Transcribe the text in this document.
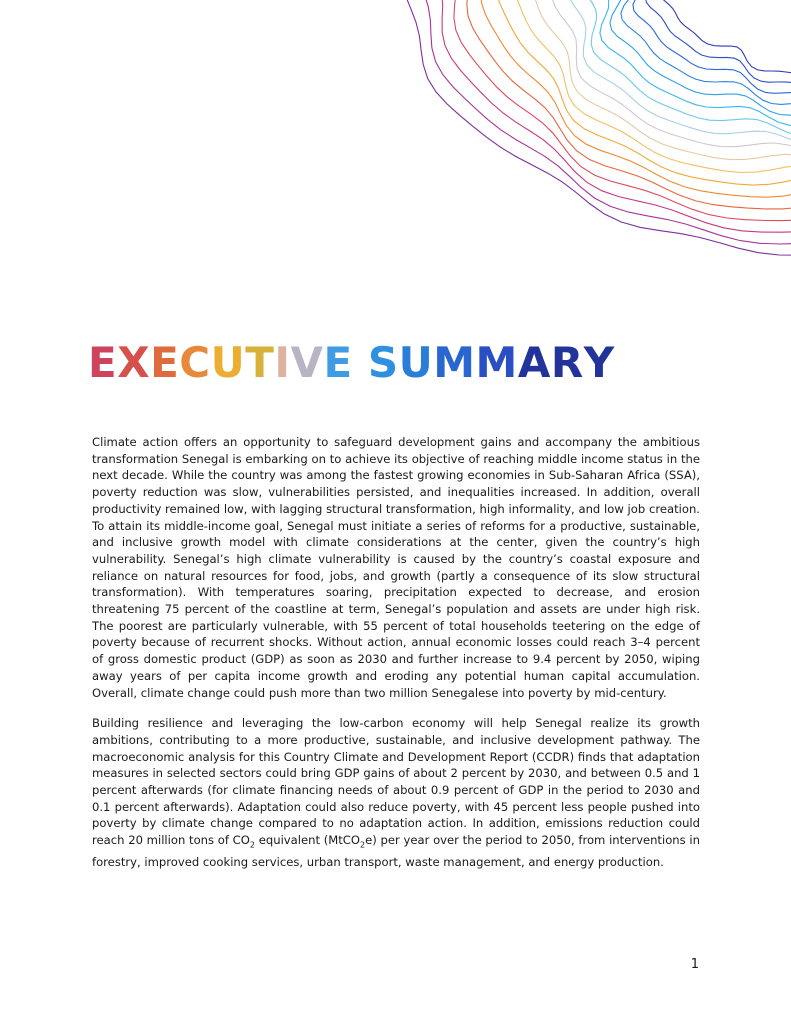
EXECUTIVE SUMMARY

Climate action offers an opportunity to safeguard development gains and accompany the ambitious transformation Senegal is embarking on to achieve its objective of reaching middle income status in the next decade. While the country was among the fastest growing economies in Sub-Saharan Africa (SSA), poverty reduction was slow, vulnerabilities persisted, and inequalities increased. In addition, overall productivity remained low, with lagging structural transformation, high informality, and low job creation. To attain its middle-income goal, Senegal must initiate a series of reforms for a productive, sustainable, and inclusive growth model with climate considerations at the center, given the country’s high vulnerability. Senegal’s high climate vulnerability is caused by the country’s coastal exposure and reliance on natural resources for food, jobs, and growth (partly a consequence of its slow structural transformation). With temperatures soaring, precipitation expected to decrease, and erosion threatening 75 percent of the coastline at term, Senegal’s population and assets are under high risk. The poorest are particularly vulnerable, with 55 percent of total households teetering on the edge of poverty because of recurrent shocks. Without action, annual economic losses could reach 3–4 percent of gross domestic product (GDP) as soon as 2030 and further increase to 9.4 percent by 2050, wiping away years of per capita income growth and eroding any potential human capital accumulation. Overall, climate change could push more than two million Senegalese into poverty by mid-century.

Building resilience and leveraging the low-carbon economy will help Senegal realize its growth ambitions, contributing to a more productive, sustainable, and inclusive development pathway. The macroeconomic analysis for this Country Climate and Development Report (CCDR) finds that adaptation measures in selected sectors could bring GDP gains of about 2 percent by 2030, and between 0.5 and 1 percent afterwards (for climate financing needs of about 0.9 percent of GDP in the period to 2030 and 0.1 percent afterwards). Adaptation could also reduce poverty, with 45 percent less people pushed into poverty by climate change compared to no adaptation action. In addition, emissions reduction could reach 20 million tons of $CO_2$ equivalent (MtCO$_2$e) per year over the period to 2050, from interventions in forestry, improved cooking services, urban transport, waste management, and energy production.

1
